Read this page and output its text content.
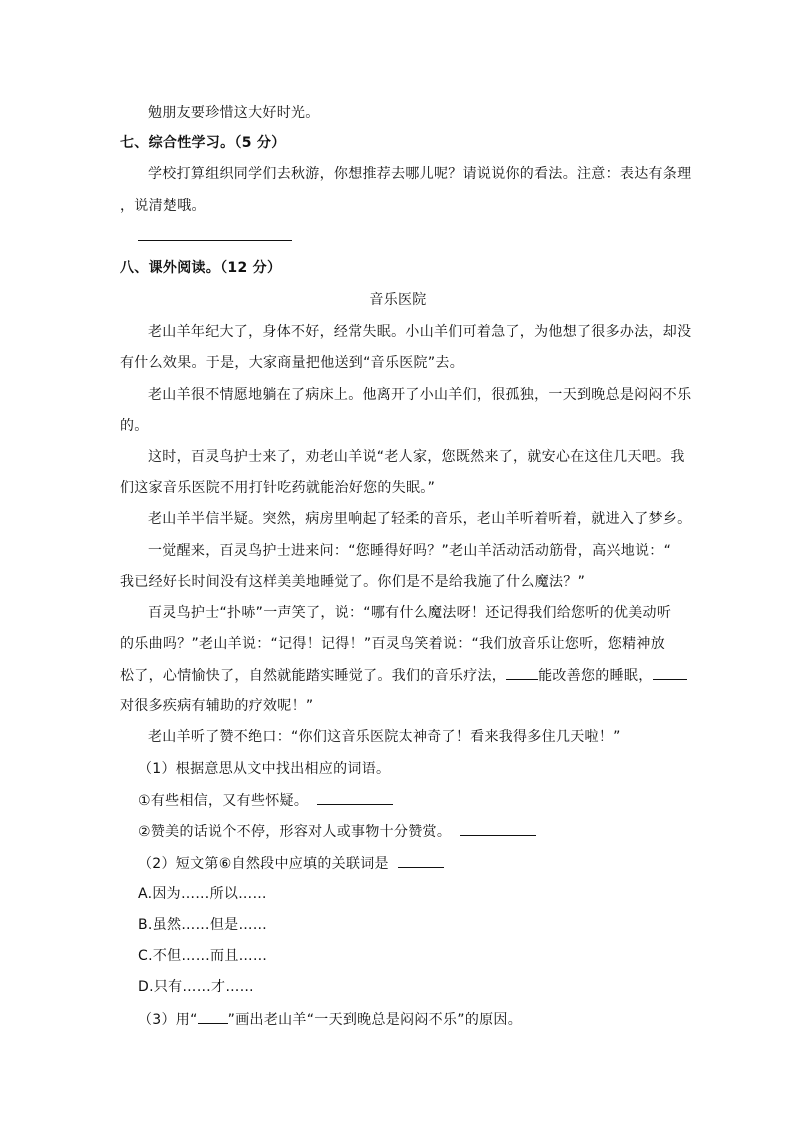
勉朋友要珍惜这大好时光。
七、综合性学习。（5 分）
学校打算组织同学们去秋游，你想推荐去哪儿呢？请说说你的看法。注意：表达有条理
，说清楚哦。
八、课外阅读。（12 分）
音乐医院
老山羊年纪大了，身体不好，经常失眠。小山羊们可着急了，为他想了很多办法，却没
有什么效果。于是，大家商量把他送到“音乐医院”去。
老山羊很不情愿地躺在了病床上。他离开了小山羊们，很孤独，一天到晚总是闷闷不乐
的。
这时，百灵鸟护士来了，劝老山羊说“老人家，您既然来了，就安心在这住几天吧。我
们这家音乐医院不用打针吃药就能治好您的失眠。”
老山羊半信半疑。突然，病房里响起了轻柔的音乐，老山羊听着听着，就进入了梦乡。
一觉醒来，百灵鸟护士进来问：“您睡得好吗？”老山羊活动活动筋骨，高兴地说：“
我已经好长时间没有这样美美地睡觉了。你们是不是给我施了什么魔法？”
百灵鸟护士“扑哧”一声笑了，说：“哪有什么魔法呀！还记得我们给您听的优美动听
的乐曲吗？”老山羊说：“记得！记得！”百灵鸟笑着说：“我们放音乐让您听，您精神放
松了，心情愉快了，自然就能踏实睡觉了。我们的音乐疗法， 能改善您的睡眠，
对很多疾病有辅助的疗效呢！”
老山羊听了赞不绝口：“你们这音乐医院太神奇了！看来我得多住几天啦！”
（1）根据意思从文中找出相应的词语。
①有些相信，又有些怀疑。
②赞美的话说个不停，形容对人或事物十分赞赏。
（2）短文第⑥自然段中应填的关联词是
A.因为……所以……
B.虽然……但是……
C.不但……而且……
D.只有……才……
（3）用“ ”画出老山羊“一天到晚总是闷闷不乐”的原因。
